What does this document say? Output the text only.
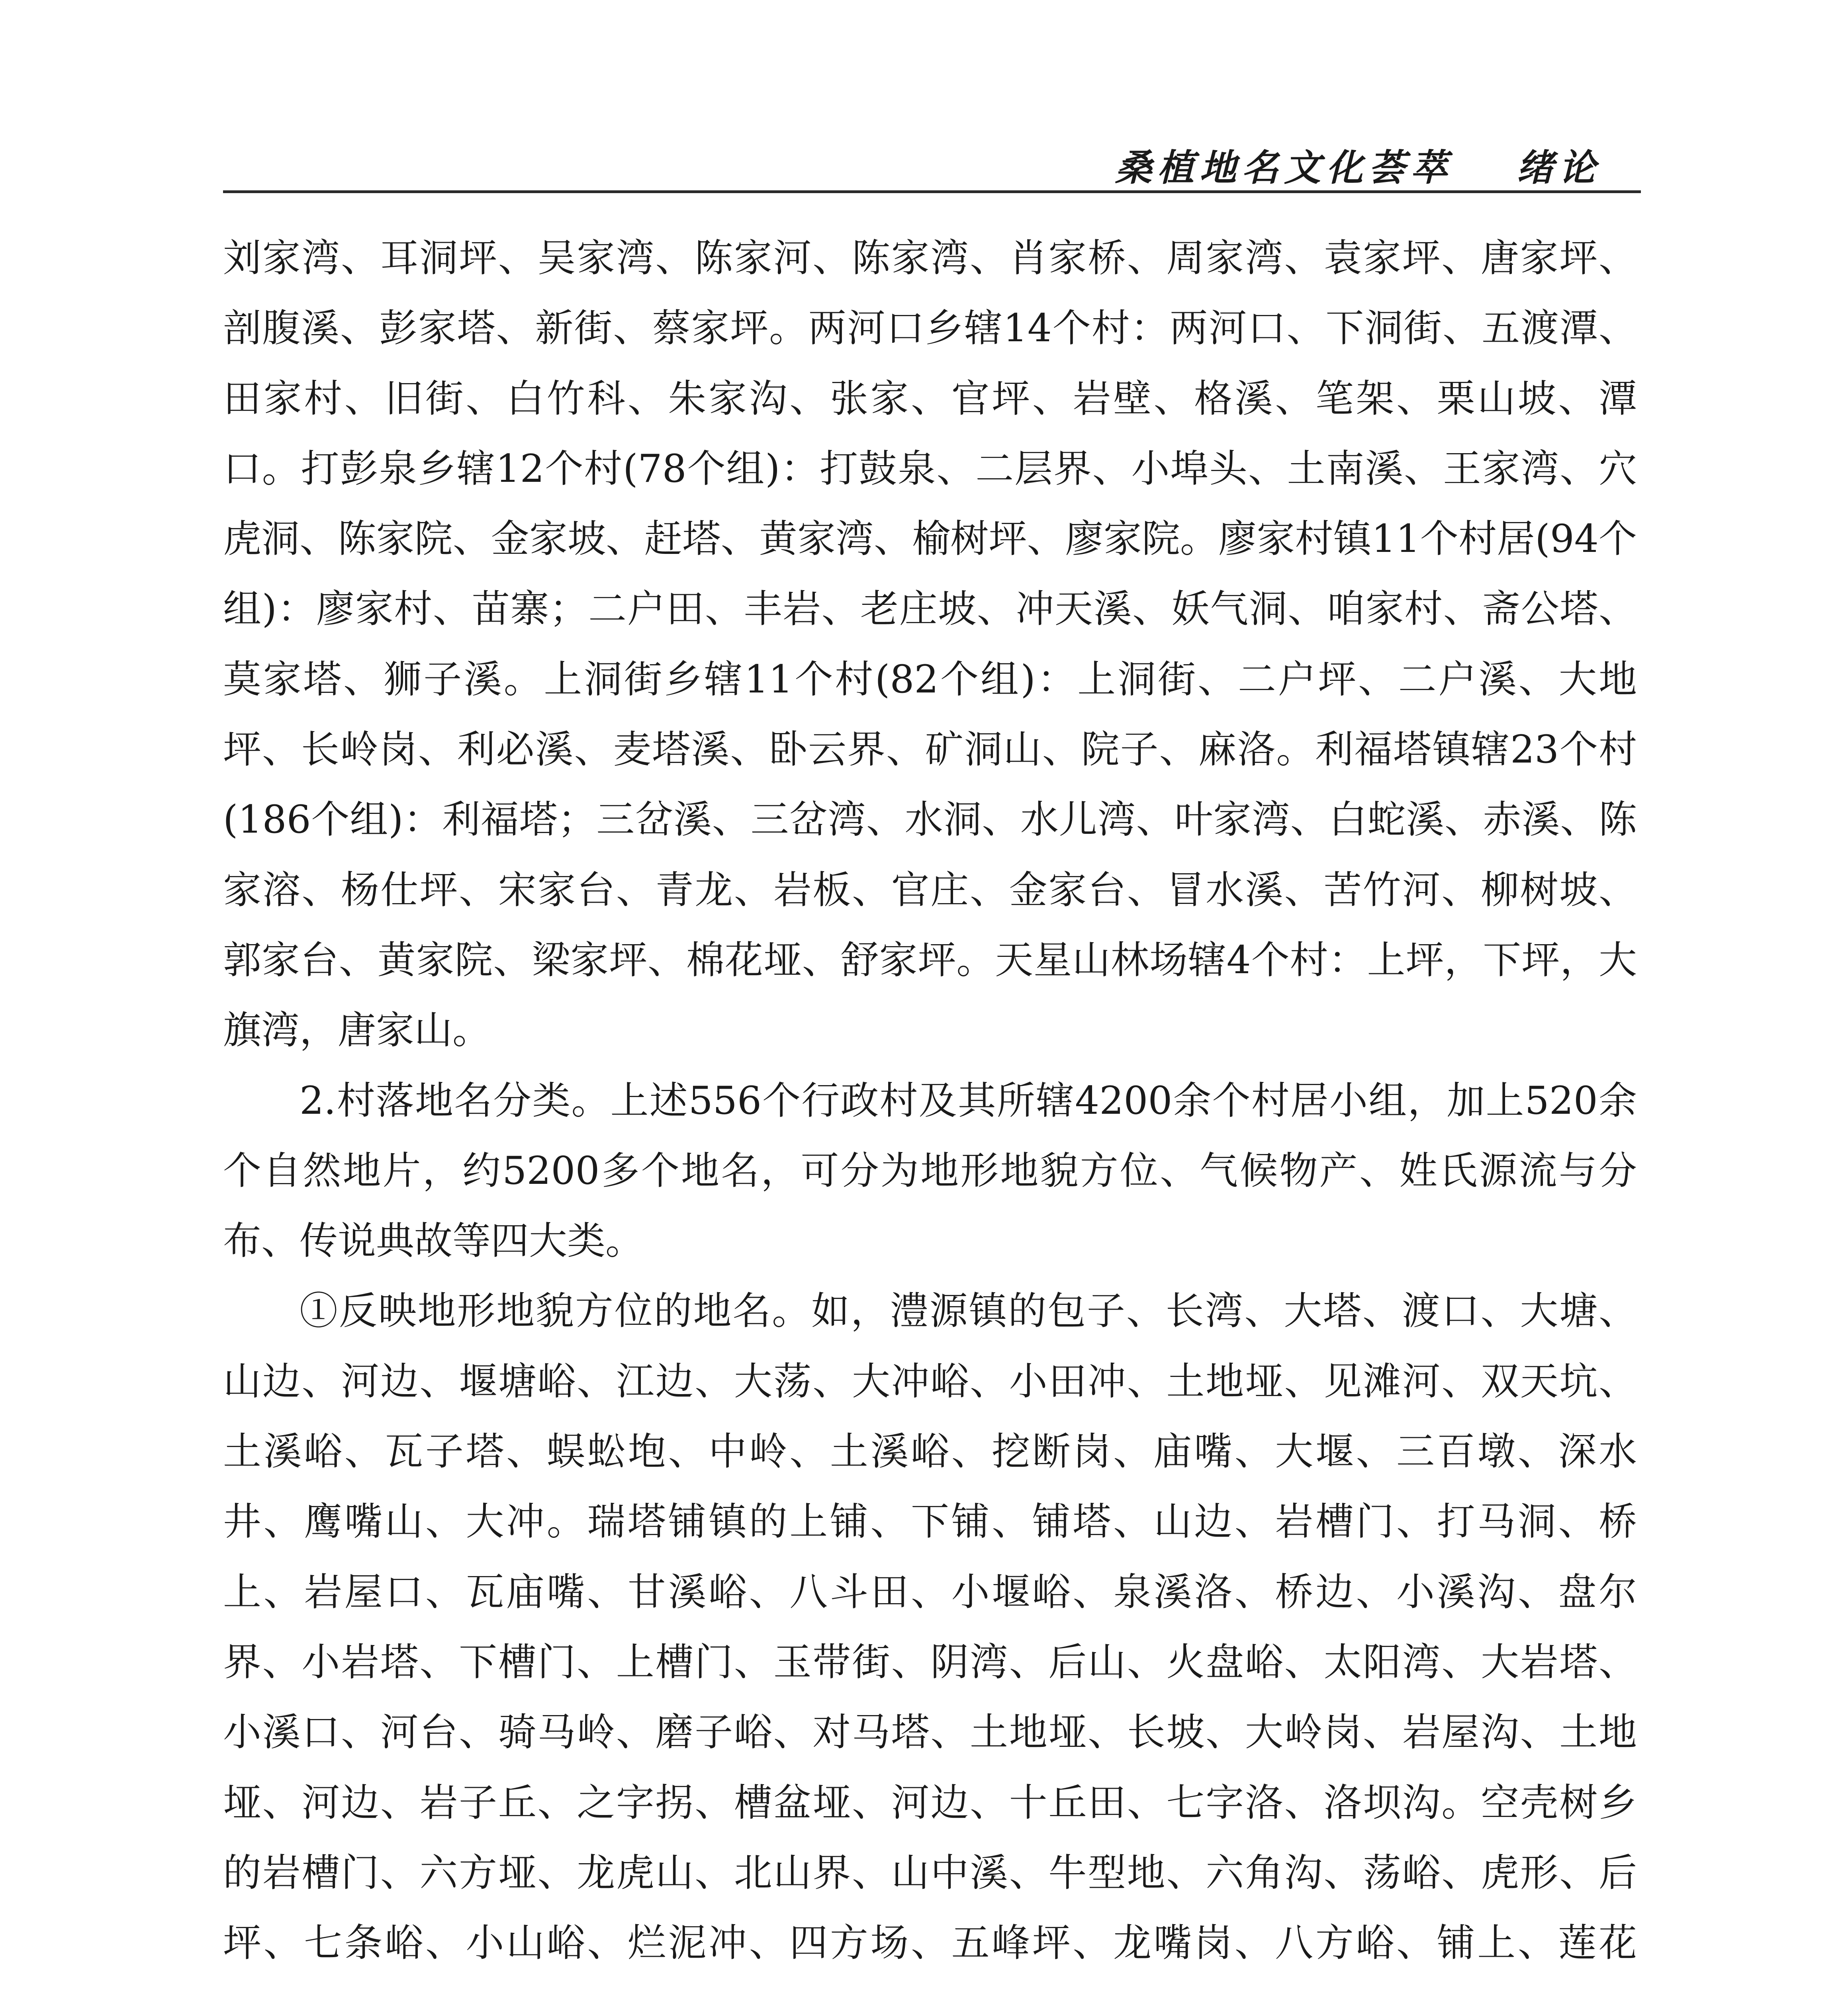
桑植地名文化荟萃 绪论

刘家湾、耳洞坪、吴家湾、陈家河、陈家湾、肖家桥、周家湾、袁家坪、唐家坪、剖腹溪、彭家塔、新街、蔡家坪。两河口乡辖14个村：两河口、下洞街、五渡潭、田家村、旧街、白竹科、朱家沟、张家、官坪、岩壁、格溪、笔架、栗山坡、潭口。打彭泉乡辖12个村(78个组)：打鼓泉、二层界、小埠头、土南溪、王家湾、穴虎洞、陈家院、金家坡、赶塔、黄家湾、榆树坪、廖家院。廖家村镇11个村居(94个组)：廖家村、苗寨；二户田、丰岩、老庄坡、冲天溪、妖气洞、咱家村、斋公塔、莫家塔、狮子溪。上洞街乡辖11个村(82个组)：上洞街、二户坪、二户溪、大地坪、长岭岗、利必溪、麦塔溪、卧云界、矿洞山、院子、麻洛。利福塔镇辖23个村(186个组)：利福塔；三岔溪、三岔湾、水洞、水儿湾、叶家湾、白蛇溪、赤溪、陈家溶、杨仕坪、宋家台、青龙、岩板、官庄、金家台、冒水溪、苦竹河、柳树坡、郭家台、黄家院、梁家坪、棉花垭、舒家坪。天星山林场辖4个村：上坪，下坪，大旗湾，唐家山。

2.村落地名分类。上述556个行政村及其所辖4200余个村居小组，加上520余个自然地片，约5200多个地名，可分为地形地貌方位、气候物产、姓氏源流与分布、传说典故等四大类。

①反映地形地貌方位的地名。如，澧源镇的包子、长湾、大塔、渡口、大塘、山边、河边、堰塘峪、江边、大荡、大冲峪、小田冲、土地垭、见滩河、双天坑、土溪峪、瓦子塔、蜈蚣垉、中岭、土溪峪、挖断岗、庙嘴、大堰、三百墩、深水井、鹰嘴山、大冲。瑞塔铺镇的上铺、下铺、铺塔、山边、岩槽门、打马洞、桥上、岩屋口、瓦庙嘴、甘溪峪、八斗田、小堰峪、泉溪洛、桥边、小溪沟、盘尔界、小岩塔、下槽门、上槽门、玉带街、阴湾、后山、火盘峪、太阳湾、大岩塔、小溪口、河台、骑马岭、磨子峪、对马塔、土地垭、长坡、大岭岗、岩屋沟、土地垭、河边、岩子丘、之字拐、槽盆垭、河边、十丘田、七字洛、洛坝沟。空壳树乡的岩槽门、六方垭、龙虎山、北山界、山中溪、牛型地、六角沟、荡峪、虎形、后坪、七条峪、小山峪、烂泥冲、四方场、五峰坪、龙嘴岗、八方峪、铺上、莲花
